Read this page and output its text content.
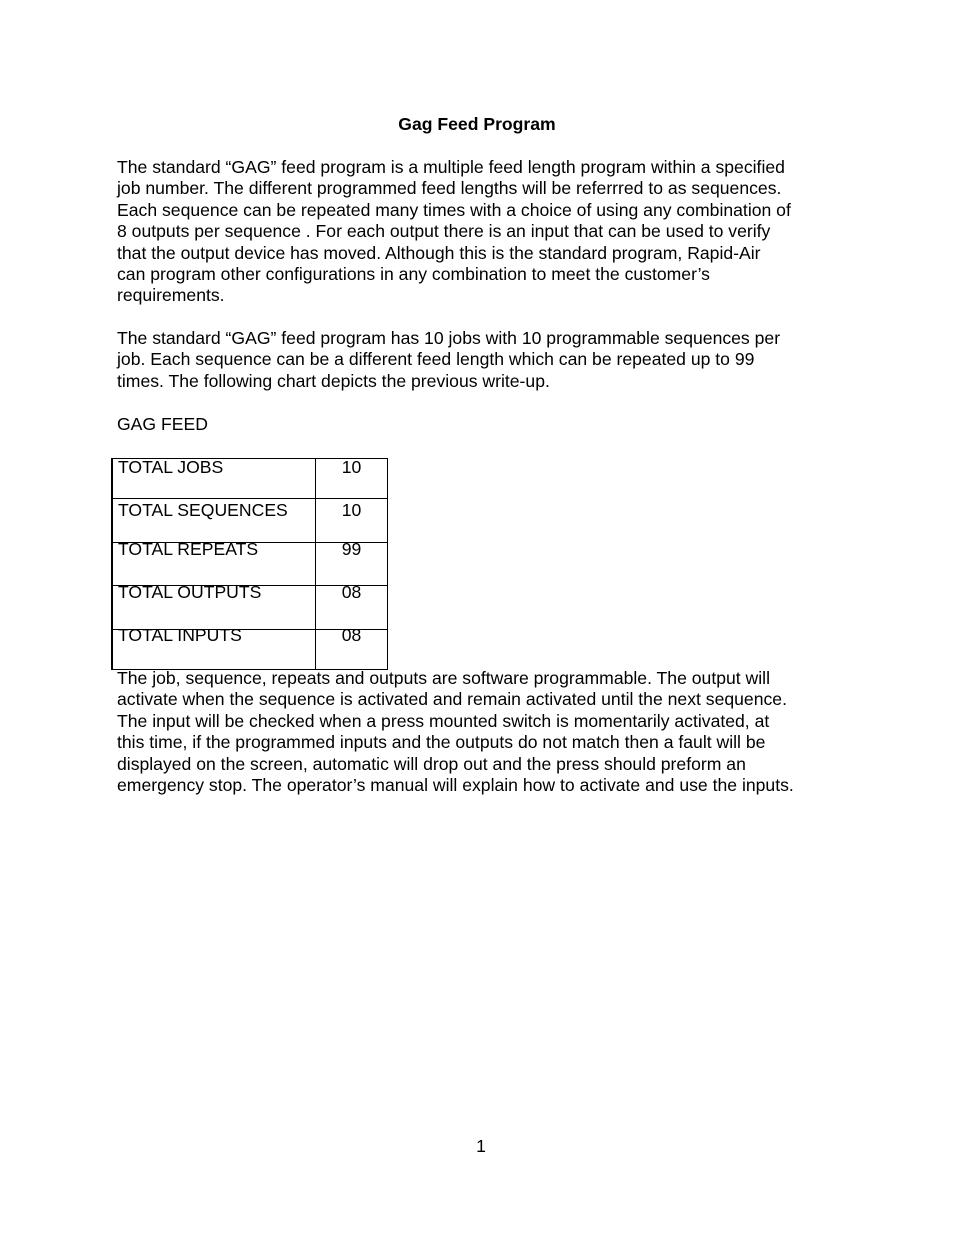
Gag Feed Program

The standard “GAG” feed program is a multiple feed length program within a specified
job number. The different programmed feed lengths will be referrred to as sequences.
Each sequence can be repeated many times with a choice of using any combination of
8 outputs per sequence . For each output there is an input that can be used to verify
that the output device has moved. Although this is the standard program, Rapid-Air
can program other configurations in any combination to meet the customer’s
requirements.

The standard “GAG” feed program has 10 jobs with 10 programmable sequences per
job. Each sequence can be a different feed length which can be repeated up to 99
times. The following chart depicts the previous write-up.

GAG FEED

TOTAL JOBS	10
TOTAL SEQUENCES	10
TOTAL REPEATS	99
TOTAL OUTPUTS	08
TOTAL INPUTS	08

The job, sequence, repeats and outputs are software programmable. The output will
activate when the sequence is activated and remain activated until the next sequence.
The input will be checked when a press mounted switch is momentarily activated, at
this time, if the programmed inputs and the outputs do not match then a fault will be
displayed on the screen, automatic will drop out and the press should preform an
emergency stop. The operator’s manual will explain how to activate and use the inputs.

1
